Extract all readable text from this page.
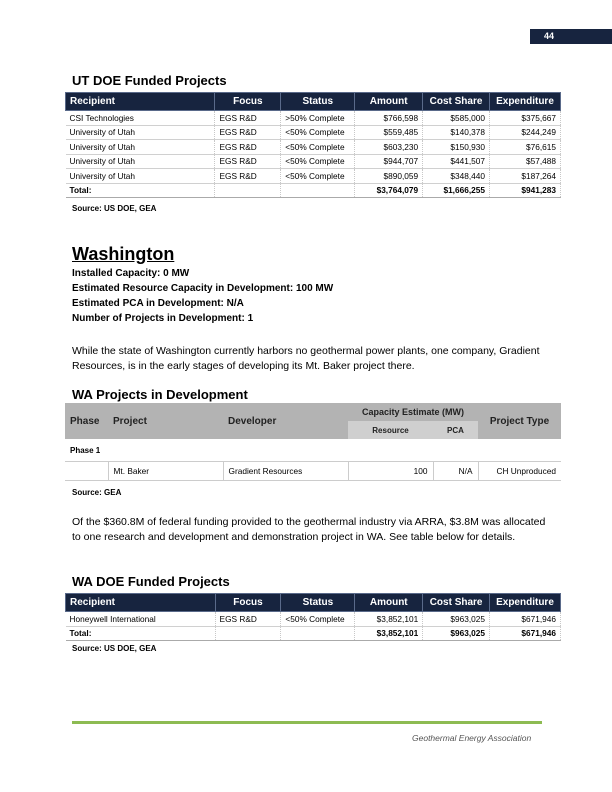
44
UT DOE Funded Projects
Recipient	Focus	Status	Amount	Cost Share	Expenditure
CSI Technologies	EGS R&D	>50% Complete	$766,598	$585,000	$375,667
University of Utah	EGS R&D	<50% Complete	$559,485	$140,378	$244,249
University of Utah	EGS R&D	<50% Complete	$603,230	$150,930	$76,615
University of Utah	EGS R&D	<50% Complete	$944,707	$441,507	$57,488
University of Utah	EGS R&D	<50% Complete	$890,059	$348,440	$187,264
Total:			$3,764,079	$1,666,255	$941,283
Source: US DOE, GEA
Washington
Installed Capacity: 0 MW
Estimated Resource Capacity in Development: 100 MW
Estimated PCA in Development: N/A
Number of Projects in Development: 1
While the state of Washington currently harbors no geothermal power plants, one company, Gradient Resources, is in the early stages of developing its Mt. Baker project there.
WA Projects in Development
Phase	Project	Developer	Capacity Estimate (MW)		Project Type
			Resource	PCA	
Phase 1					
	Mt. Baker	Gradient Resources	100	N/A	CH Unproduced
Source: GEA
Of the $360.8M of federal funding provided to the geothermal industry via ARRA, $3.8M was allocated to one research and development and demonstration project in WA. See table below for details.
WA DOE Funded Projects
Recipient	Focus	Status	Amount	Cost Share	Expenditure
Honeywell International	EGS R&D	<50% Complete	$3,852,101	$963,025	$671,946
Total:			$3,852,101	$963,025	$671,946
Source: US DOE, GEA
Geothermal Energy Association
